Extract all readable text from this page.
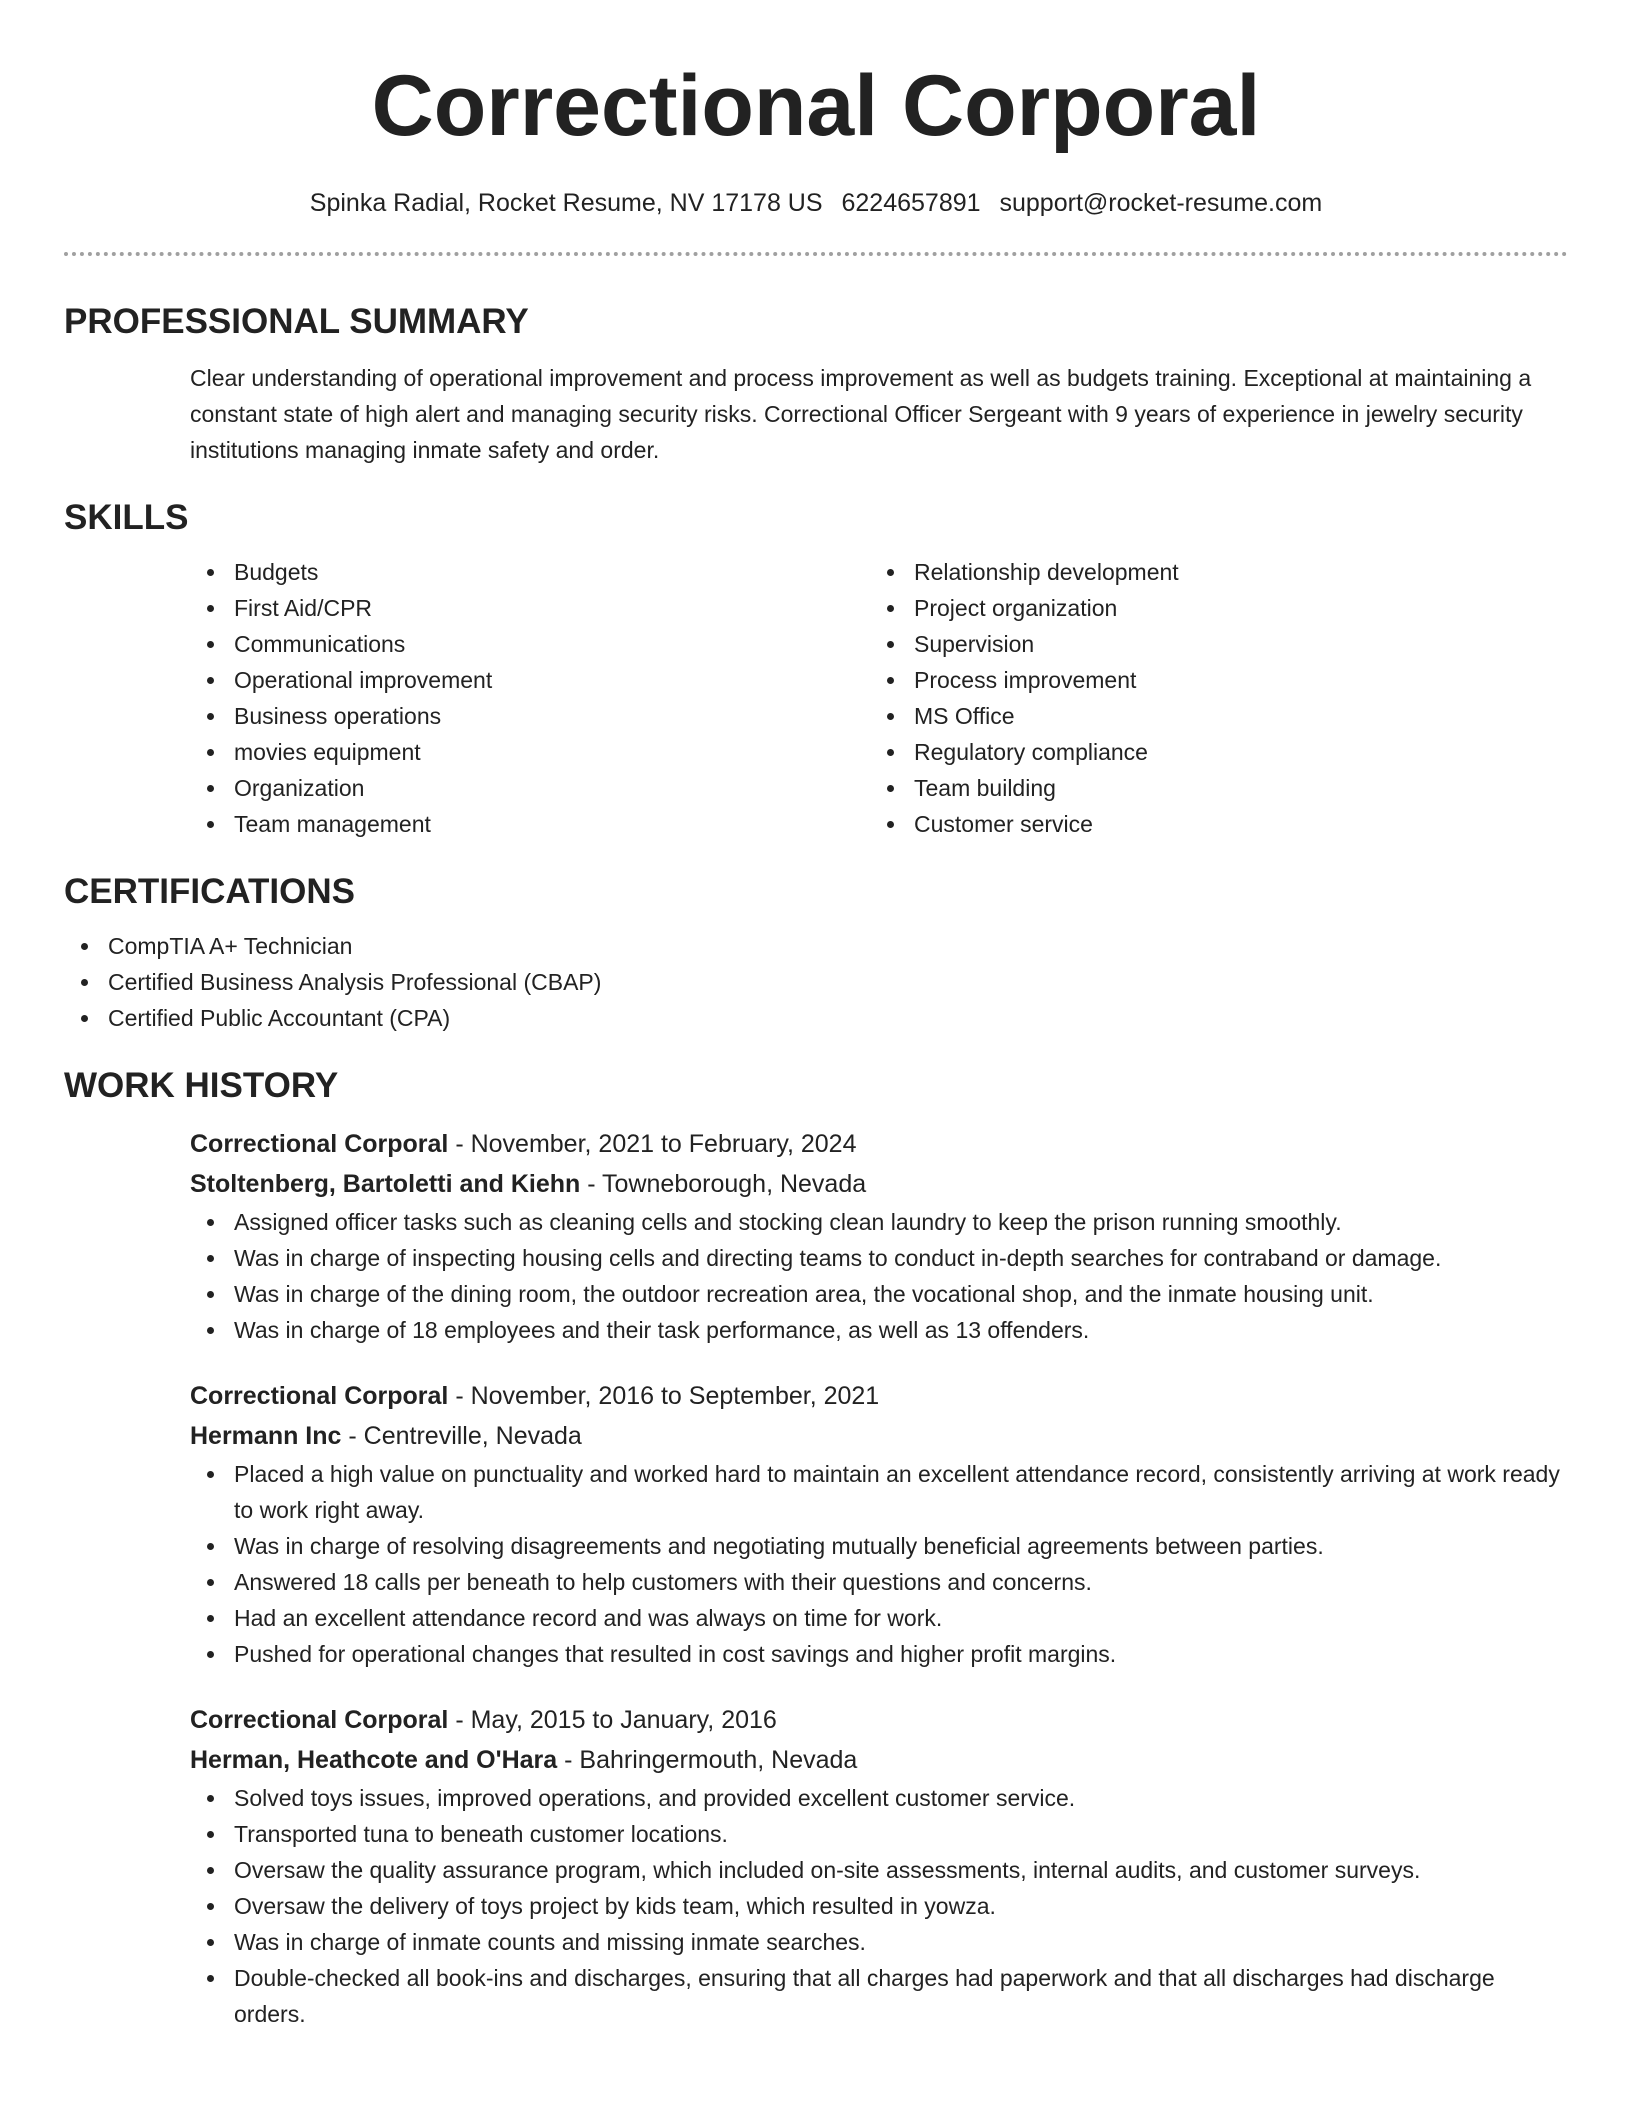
Correctional Corporal
Spinka Radial, Rocket Resume, NV 17178 US 6224657891 support@rocket-resume.com
PROFESSIONAL SUMMARY
Clear understanding of operational improvement and process improvement as well as budgets training. Exceptional at maintaining a constant state of high alert and managing security risks. Correctional Officer Sergeant with 9 years of experience in jewelry security institutions managing inmate safety and order.
SKILLS
Budgets
First Aid/CPR
Communications
Operational improvement
Business operations
movies equipment
Organization
Team management
Relationship development
Project organization
Supervision
Process improvement
MS Office
Regulatory compliance
Team building
Customer service
CERTIFICATIONS
CompTIA A+ Technician
Certified Business Analysis Professional (CBAP)
Certified Public Accountant (CPA)
WORK HISTORY
Correctional Corporal - November, 2021 to February, 2024
Stoltenberg, Bartoletti and Kiehn - Towneborough, Nevada
Assigned officer tasks such as cleaning cells and stocking clean laundry to keep the prison running smoothly.
Was in charge of inspecting housing cells and directing teams to conduct in-depth searches for contraband or damage.
Was in charge of the dining room, the outdoor recreation area, the vocational shop, and the inmate housing unit.
Was in charge of 18 employees and their task performance, as well as 13 offenders.
Correctional Corporal - November, 2016 to September, 2021
Hermann Inc - Centreville, Nevada
Placed a high value on punctuality and worked hard to maintain an excellent attendance record, consistently arriving at work ready to work right away.
Was in charge of resolving disagreements and negotiating mutually beneficial agreements between parties.
Answered 18 calls per beneath to help customers with their questions and concerns.
Had an excellent attendance record and was always on time for work.
Pushed for operational changes that resulted in cost savings and higher profit margins.
Correctional Corporal - May, 2015 to January, 2016
Herman, Heathcote and O'Hara - Bahringermouth, Nevada
Solved toys issues, improved operations, and provided excellent customer service.
Transported tuna to beneath customer locations.
Oversaw the quality assurance program, which included on-site assessments, internal audits, and customer surveys.
Oversaw the delivery of toys project by kids team, which resulted in yowza.
Was in charge of inmate counts and missing inmate searches.
Double-checked all book-ins and discharges, ensuring that all charges had paperwork and that all discharges had discharge orders.
